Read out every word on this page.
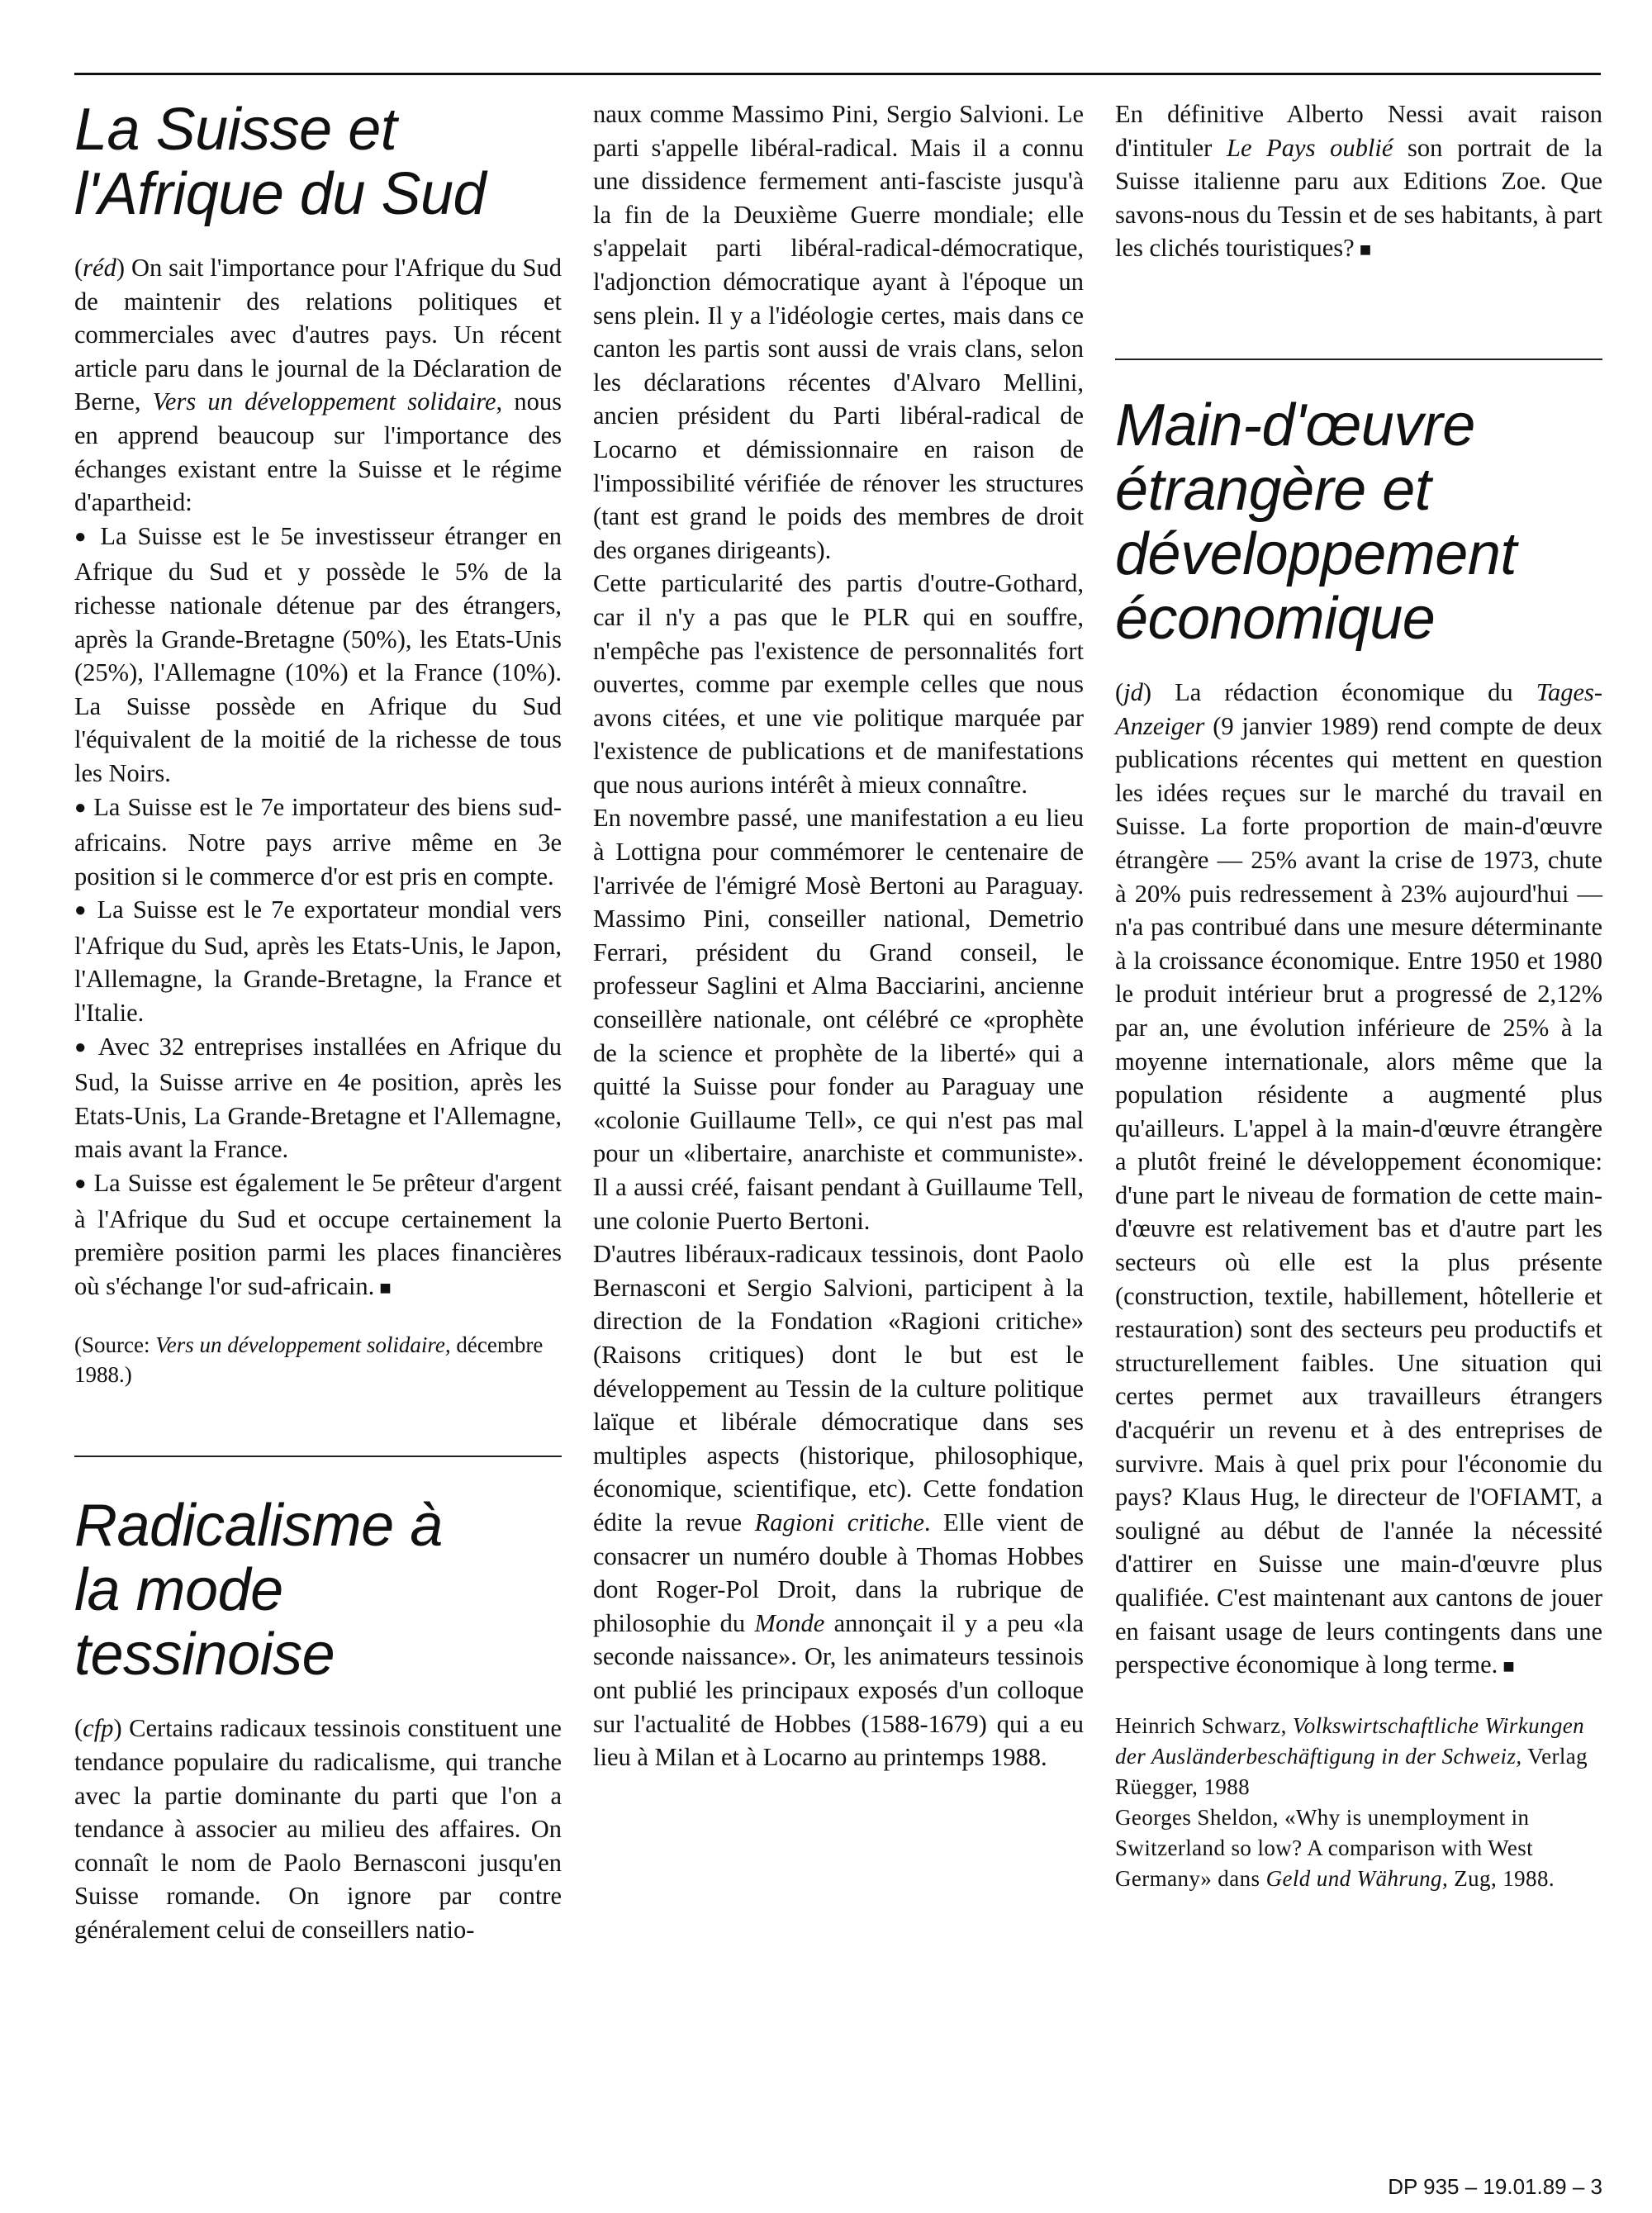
La Suisse et
l'Afrique du Sud

(réd) On sait l'importance pour l'Afrique du Sud de maintenir des relations politiques et commerciales avec d'autres pays. Un récent article paru dans le journal de la Déclaration de Berne, Vers un développement solidaire, nous en apprend beaucoup sur l'importance des échanges existant entre la Suisse et le régime d'apartheid:

● La Suisse est le 5e investisseur étranger en Afrique du Sud et y possède le 5% de la richesse nationale détenue par des étrangers, après la Grande-Bretagne (50%), les Etats-Unis (25%), l'Allemagne (10%) et la France (10%). La Suisse possède en Afrique du Sud l'équivalent de la moitié de la richesse de tous les Noirs.

● La Suisse est le 7e importateur des biens sud-africains. Notre pays arrive même en 3e position si le commerce d'or est pris en compte.

● La Suisse est le 7e exportateur mondial vers l'Afrique du Sud, après les Etats-Unis, le Japon, l'Allemagne, la Grande-Bretagne, la France et l'Italie.

● Avec 32 entreprises installées en Afrique du Sud, la Suisse arrive en 4e position, après les Etats-Unis, La Grande-Bretagne et l'Allemagne, mais avant la France.

● La Suisse est également le 5e prêteur d'argent à l'Afrique du Sud et occupe certainement la première position parmi les places financières où s'échange l'or sud-africain. ■

(Source: Vers un développement solidaire, décembre 1988.)
Radicalisme à
la mode
tessinoise

(cfp) Certains radicaux tessinois constituent une tendance populaire du radicalisme, qui tranche avec la partie dominante du parti que l'on a tendance à associer au milieu des affaires. On connaît le nom de Paolo Bernasconi jusqu'en Suisse romande. On ignore par contre généralement celui de conseillers natio-

naux comme Massimo Pini, Sergio Salvioni. Le parti s'appelle libéral-radical. Mais il a connu une dissidence fermement anti-fasciste jusqu'à la fin de la Deuxième Guerre mondiale; elle s'appelait parti libéral-radical-démocratique, l'adjonction démocratique ayant à l'époque un sens plein. Il y a l'idéologie certes, mais dans ce canton les partis sont aussi de vrais clans, selon les déclarations récentes d'Alvaro Mellini, ancien président du Parti libéral-radical de Locarno et démissionnaire en raison de l'impossibilité vérifiée de rénover les structures (tant est grand le poids des membres de droit des organes dirigeants).

Cette particularité des partis d'outre-Gothard, car il n'y a pas que le PLR qui en souffre, n'empêche pas l'existence de personnalités fort ouvertes, comme par exemple celles que nous avons citées, et une vie politique marquée par l'existence de publications et de manifestations que nous aurions intérêt à mieux connaître.

En novembre passé, une manifestation a eu lieu à Lottigna pour commémorer le centenaire de l'arrivée de l'émigré Mosè Bertoni au Paraguay. Massimo Pini, conseiller national, Demetrio Ferrari, président du Grand conseil, le professeur Saglini et Alma Bacciarini, ancienne conseillère nationale, ont célébré ce «prophète de la science et prophète de la liberté» qui a quitté la Suisse pour fonder au Paraguay une «colonie Guillaume Tell», ce qui n'est pas mal pour un «libertaire, anarchiste et communiste». Il a aussi créé, faisant pendant à Guillaume Tell, une colonie Puerto Bertoni.

D'autres libéraux-radicaux tessinois, dont Paolo Bernasconi et Sergio Salvioni, participent à la direction de la Fondation «Ragioni critiche» (Raisons critiques) dont le but est le développement au Tessin de la culture politique laïque et libérale démocratique dans ses multiples aspects (historique, philosophique, économique, scientifique, etc). Cette fondation édite la revue Ragioni critiche. Elle vient de consacrer un numéro double à Thomas Hobbes dont Roger-Pol Droit, dans la rubrique de philosophie du Monde annonçait il y a peu «la seconde naissance». Or, les animateurs tessinois ont publié les principaux exposés d'un colloque sur l'actualité de Hobbes (1588-1679) qui a eu lieu à Milan et à Locarno au printemps 1988.

En définitive Alberto Nessi avait raison d'intituler Le Pays oublié son portrait de la Suisse italienne paru aux Editions Zoe. Que savons-nous du Tessin et de ses habitants, à part les clichés touristiques? ■

Main-d'œuvre
étrangère et
développement
économique

(jd) La rédaction économique du Tages-Anzeiger (9 janvier 1989) rend compte de deux publications récentes qui mettent en question les idées reçues sur le marché du travail en Suisse. La forte proportion de main-d'œuvre étrangère — 25% avant la crise de 1973, chute à 20% puis redressement à 23% aujourd'hui — n'a pas contribué dans une mesure déterminante à la croissance économique. Entre 1950 et 1980 le produit intérieur brut a progressé de 2,12% par an, une évolution inférieure de 25% à la moyenne internationale, alors même que la population résidente a augmenté plus qu'ailleurs. L'appel à la main-d'œuvre étrangère a plutôt freiné le développement économique: d'une part le niveau de formation de cette main-d'œuvre est relativement bas et d'autre part les secteurs où elle est la plus présente (construction, textile, habillement, hôtellerie et restauration) sont des secteurs peu productifs et structurellement faibles. Une situation qui certes permet aux travailleurs étrangers d'acquérir un revenu et à des entreprises de survivre. Mais à quel prix pour l'économie du pays? Klaus Hug, le directeur de l'OFIAMT, a souligné au début de l'année la nécessité d'attirer en Suisse une main-d'œuvre plus qualifiée. C'est maintenant aux cantons de jouer en faisant usage de leurs contingents dans une perspective économique à long terme. ■

Heinrich Schwarz, Volkswirtschaftliche Wirkungen der Ausländerbeschäftigung in der Schweiz, Verlag Rüegger, 1988

Georges Sheldon, «Why is unemployment in Switzerland so low? A comparison with West Germany» dans Geld und Währung, Zug, 1988.

DP 935 – 19.01.89 – 3
